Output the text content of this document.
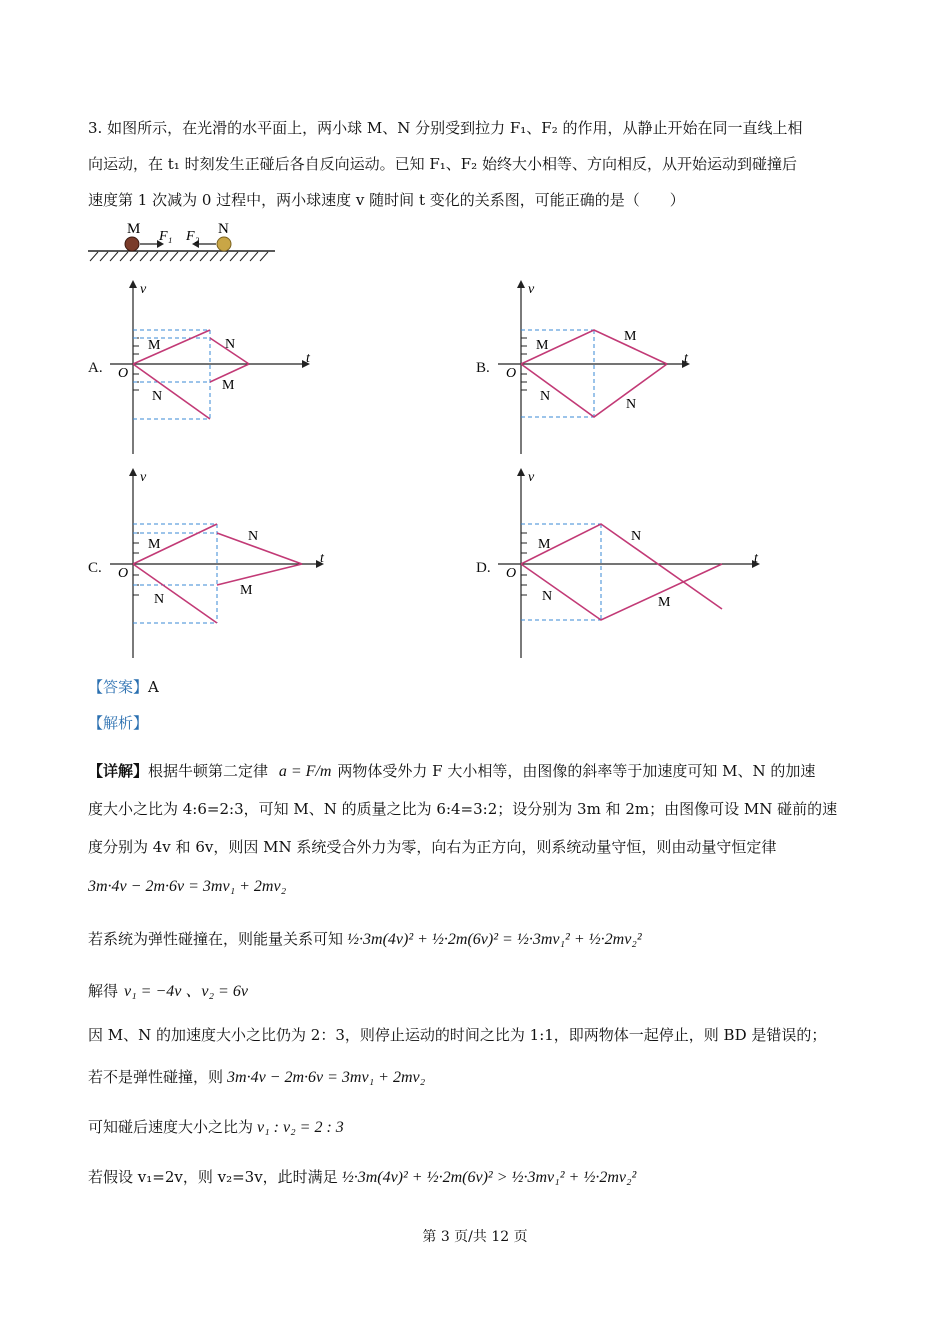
3. 如图所示，在光滑的水平面上，两小球 M、N 分别受到拉力 F₁、F₂ 的作用，从静止开始在同一直线上相
向运动，在 t₁ 时刻发生正碰后各自反向运动。已知 F₁、F₂ 始终大小相等、方向相反，从开始运动到碰撞后
速度第 1 次减为 0 过程中，两小球速度 v 随时间 t 变化的关系图，可能正确的是（　　）
M	N
F₁ F₂
A.
M
N
N
M
v
t
O	B.
M
N
M
N
v
t
O
C.
M
N
N
M
v
t
O	D.
M
N
N
M
v
t
O
【答案】A
【解析】
【详解】根据牛顿第二定律 a = F/m 两物体受外力 F 大小相等，由图像的斜率等于加速度可知 M、N 的加速
度大小之比为 4:6=2:3，可知 M、N 的质量之比为 6:4=3:2；设分别为 3m 和 2m；由图像可设 MN 碰前的速
度分别为 4v 和 6v，则因 MN 系统受合外力为零，向右为正方向，则系统动量守恒，则由动量守恒定律
3m·4v − 2m·6v = 3mv₁ + 2mv₂
若系统为弹性碰撞在，则能量关系可知 ½·3m(4v)² + ½·2m(6v)² = ½·3mv₁² + ½·2mv₂²
解得 v₁ = −4v 、v₂ = 6v
因 M、N 的加速度大小之比仍为 2：3，则停止运动的时间之比为 1:1，即两物体一起停止，则 BD 是错误的；
若不是弹性碰撞，则 3m·4v − 2m·6v = 3mv₁ + 2mv₂
可知碰后速度大小之比为 v₁ : v₂ = 2 : 3
若假设 v₁=2v，则 v₂=3v，此时满足 ½·3m(4v)² + ½·2m(6v)² > ½·3mv₁² + ½·2mv₂²
第 3 页/共 12 页
